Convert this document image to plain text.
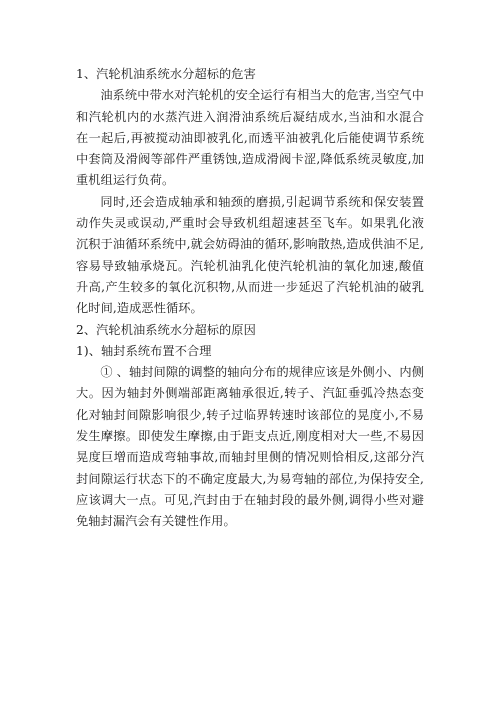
1、汽轮机油系统水分超标的危害

油系统中带水对汽轮机的安全运行有相当大的危害,当空气中和汽轮机内的水蒸汽进入润滑油系统后凝结成水,当油和水混合在一起后,再被搅动油即被乳化,而透平油被乳化后能使调节系统中套筒及滑阀等部件严重锈蚀,造成滑阀卡涩,降低系统灵敏度,加重机组运行负荷。

同时,还会造成轴承和轴颈的磨损,引起调节系统和保安装置动作失灵或误动,严重时会导致机组超速甚至飞车。如果乳化液沉积于油循环系统中,就会妨碍油的循环,影响散热,造成供油不足,容易导致轴承烧瓦。汽轮机油乳化使汽轮机油的氧化加速,酸值升高,产生较多的氧化沉积物,从而进一步延迟了汽轮机油的破乳化时间,造成恶性循环。

2、汽轮机油系统水分超标的原因

1)、轴封系统布置不合理

① 、轴封间隙的调整的轴向分布的规律应该是外侧小、内侧大。因为轴封外侧端部距离轴承很近,转子、汽缸垂弧冷热态变化对轴封间隙影响很少,转子过临界转速时该部位的晃度小,不易发生摩擦。即使发生摩擦,由于距支点近,刚度相对大一些,不易因晃度巨增而造成弯轴事故,而轴封里侧的情况则恰相反,这部分汽封间隙运行状态下的不确定度最大,为易弯轴的部位,为保持安全,应该调大一点。可见,汽封由于在轴封段的最外侧,调得小些对避免轴封漏汽会有关键性作用。
